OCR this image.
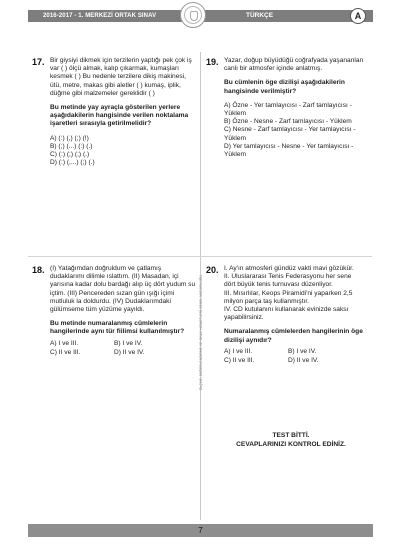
2016-2017 - 1. MERKEZİ ORTAK SINAV	TÜRKÇE	A
ÖLÇME, DEĞERLENDİRME VE SINAV HİZMETLERİ GENEL MÜDÜRLÜĞÜ
17. Bir giysiyi dikmek için terzilerin yaptığı pek çok iş var ( ) ölçü almak, kalıp çıkarmak, kumaşları kesmek ( ) Bu nedenle terzilere dikiş makinesi, ütü, metre, makas gibi aletler ( ) kumaş, iplik, düğme gibi malzemeler gereklidir ( )
Bu metinde yay ayraçla gösterilen yerlere aşağıdakilerin hangisinde verilen noktalama işaretleri sırasıyla getirilmelidir?
A) (:) (,) (;) (!)
B) (;) (...) (:) (.)
C) (:) (;) (;) (.)
D) (:) (,...) (;) (.)
19. Yazar, doğup büyüdüğü coğrafyada yaşananları canlı bir atmosfer içinde anlatmış.
Bu cümlenin öge dizilişi aşağıdakilerin hangisinde verilmiştir?
A) Özne - Yer tamlayıcısı - Zarf tamlayıcısı - Yüklem
B) Özne - Nesne - Zarf tamlayıcısı - Yüklem
C) Nesne - Zarf tamlayıcısı - Yer tamlayıcısı - Yüklem
D) Yer tamlayıcısı - Nesne - Yer tamlayıcısı - Yüklem
18. (I) Yatağımdan doğruldum ve çatlamış dudaklarımı dilimle ıslattım. (II) Masadan, içi yarısına kadar dolu bardağı alıp üç dört yudum su içtim. (III) Pencereden sızan gün ışığı içimi mutluluk la doldurdu. (IV) Dudaklarımdaki gülümseme tüm yüzüme yayıldı.
Bu metinde numaralanmış cümlelerin hangilerinde aynı tür fiilimsi kullanılmıştır?
A) I ve III.	B) I ve IV.
C) II ve III.	D) II ve IV.
20. I. Ay'ın atmosferi gündüz vakti mavi gözükür.
II. Uluslararası Tenis Federasyonu her sene dört büyük tenis turnuvası düzenliyor.
III. Mısırlılar, Keops Piramidi'ni yaparken 2,5 milyon parça taş kullanmıştır.
IV. CD kutulanını kullanarak evinizde saksı yapabilirsiniz.
Numaralanmış cümlelerden hangilerinin öge dizilişi aynıdır?
A) I ve III.	B) I ve IV.
C) II ve III.	D) II ve IV.
TEST BİTTİ.
CEVAPLARINIZI KONTROL EDİNİZ.
7
